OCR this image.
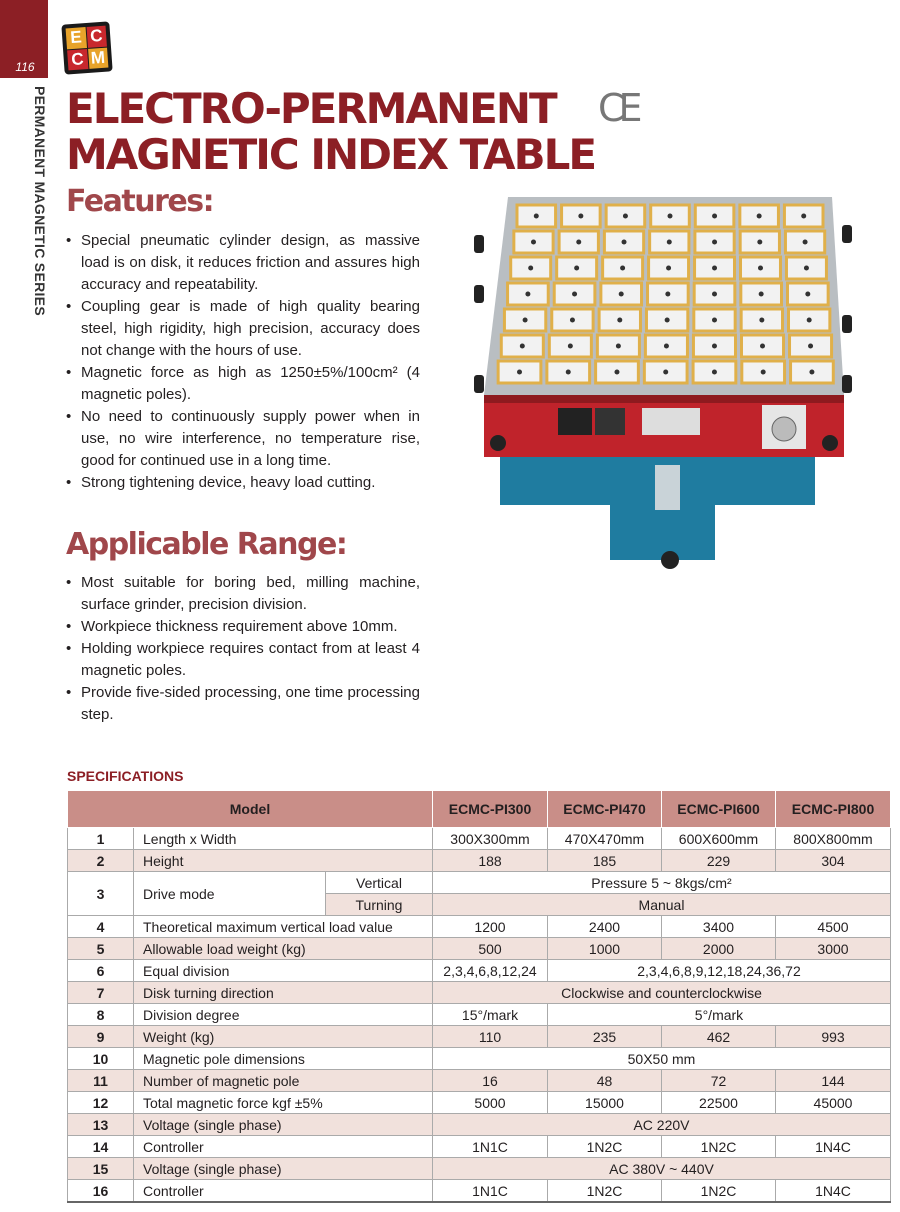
116
PERMANENT MAGNETIC SERIES
E C
C M
ELECTRO-PERMANENT
MAGNETIC INDEX TABLE
CE
Features:
• Special pneumatic cylinder design, as massive load is on disk, it reduces friction and assures high accuracy and repeatability.
• Coupling gear is made of high quality bearing steel, high rigidity, high precision, accuracy does not change with the hours of use.
• Magnetic force as high as 1250±5%/100cm² (4 magnetic poles).
• No need to continuously supply power when in use, no wire interference, no temperature rise, good for continued use in a long time.
• Strong tightening device, heavy load cutting.
Applicable Range:
• Most suitable for boring bed, milling machine, surface grinder, precision division.
• Workpiece thickness requirement above 10mm.
• Holding workpiece requires contact from at least 4 magnetic poles.
• Provide five-sided processing, one time processing step.
SPECIFICATIONS
Model			ECMC-PI300	ECMC-PI470	ECMC-PI600	ECMC-PI800
1	Length x Width		300X300mm	470X470mm	600X600mm	800X800mm
2	Height		188	185	229	304
3	Drive mode	Vertical	Pressure 5 ~ 8kgs/cm²			
		Turning	Manual			
4	Theoretical maximum vertical load value		1200	2400	3400	4500
5	Allowable load weight (kg)		500	1000	2000	3000
6	Equal division		2,3,4,6,8,12,24	2,3,4,6,8,9,12,18,24,36,72		
7	Disk turning direction		Clockwise and counterclockwise			
8	Division degree		15°/mark	5°/mark		
9	Weight (kg)		110	235	462	993
10	Magnetic pole dimensions		50X50 mm			
11	Number of magnetic pole		16	48	72	144
12	Total magnetic force kgf ±5%		5000	15000	22500	45000
13	Voltage (single phase)		AC 220V			
14	Controller		1N1C	1N2C	1N2C	1N4C
15	Voltage (single phase)		AC 380V ~ 440V			
16	Controller		1N1C	1N2C	1N2C	1N4C
